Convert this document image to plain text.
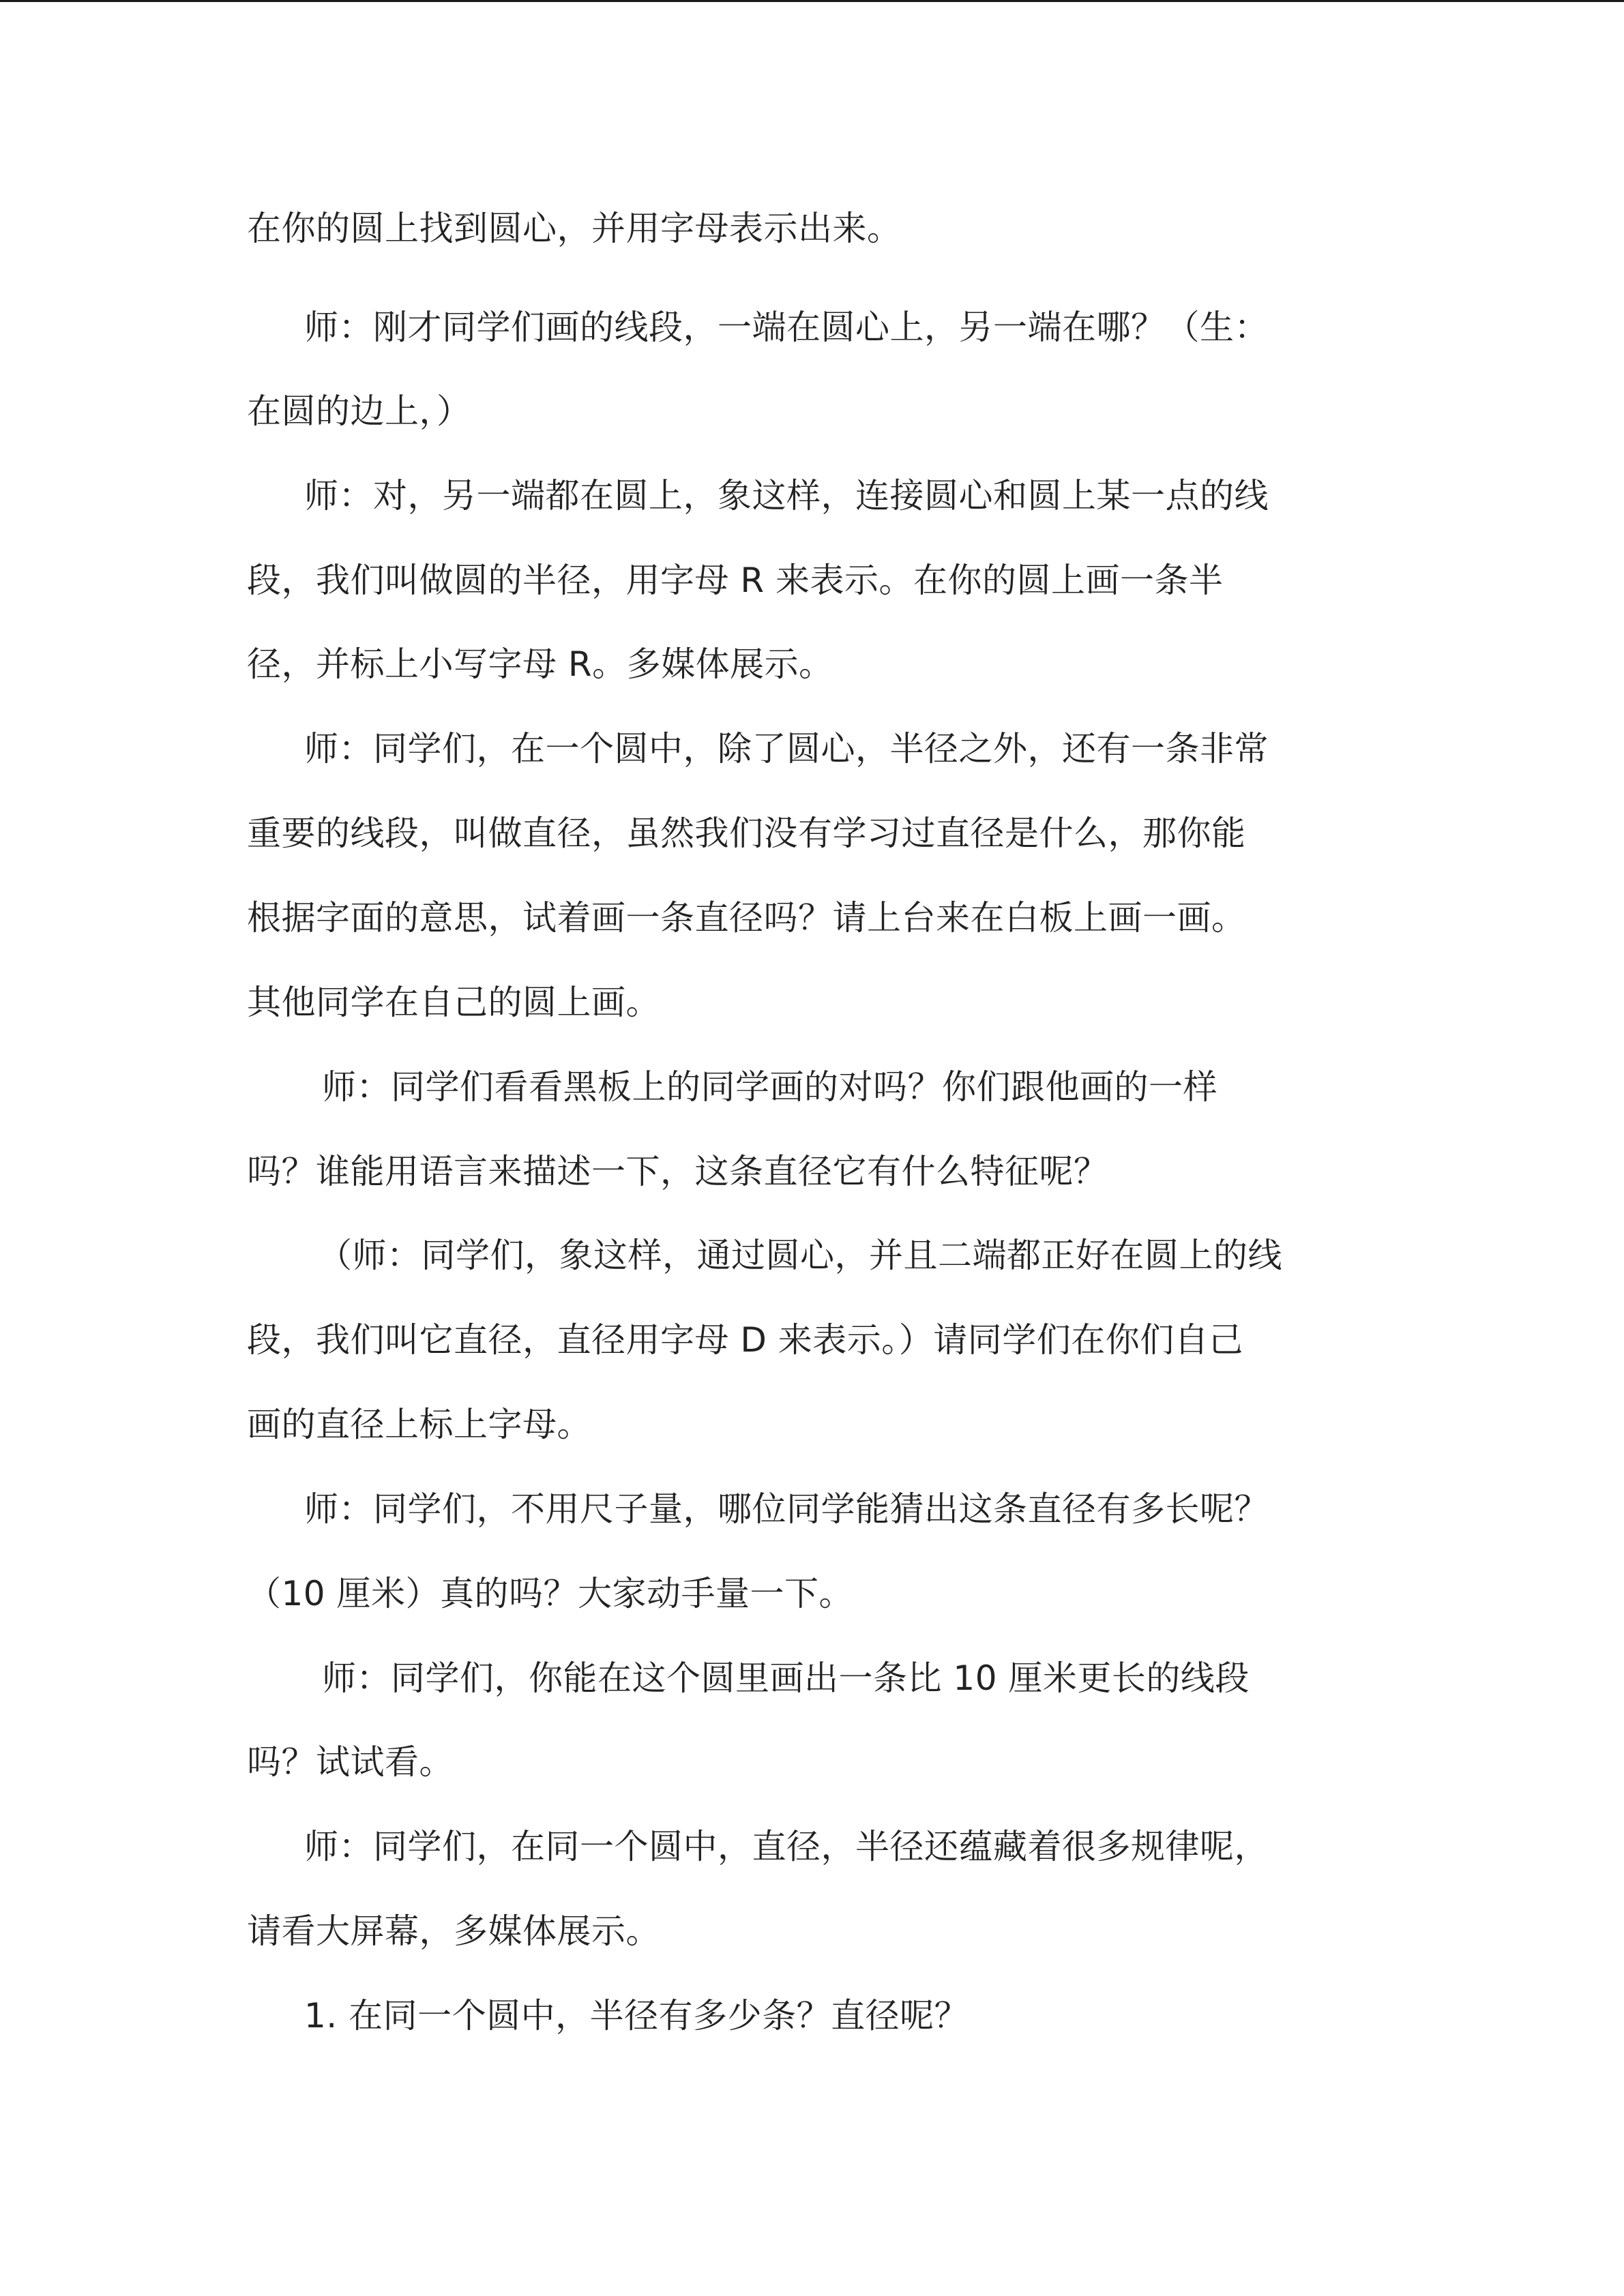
在你的圆上找到圆心，并用字母表示出来。

师：刚才同学们画的线段，一端在圆心上，另一端在哪？（生：

在圆的边上，）

师：对，另一端都在圆上，象这样，连接圆心和圆上某一点的线

段，我们叫做圆的半径，用字母 R 来表示。在你的圆上画一条半

径，并标上小写字母 R。多媒体展示。

师：同学们，在一个圆中，除了圆心，半径之外，还有一条非常

重要的线段，叫做直径，虽然我们没有学习过直径是什么，那你能

根据字面的意思，试着画一条直径吗？请上台来在白板上画一画。

其他同学在自己的圆上画。

师：同学们看看黑板上的同学画的对吗？你们跟他画的一样

吗？谁能用语言来描述一下，这条直径它有什么特征呢？

（师：同学们，象这样，通过圆心，并且二端都正好在圆上的线

段，我们叫它直径，直径用字母 D 来表示。）请同学们在你们自己

画的直径上标上字母。

师：同学们，不用尺子量，哪位同学能猜出这条直径有多长呢？

（10 厘米）真的吗？大家动手量一下。

师：同学们，你能在这个圆里画出一条比 10 厘米更长的线段

吗？试试看。

师：同学们，在同一个圆中，直径，半径还蕴藏着很多规律呢，

请看大屏幕，多媒体展示。

1. 在同一个圆中，半径有多少条？直径呢？
